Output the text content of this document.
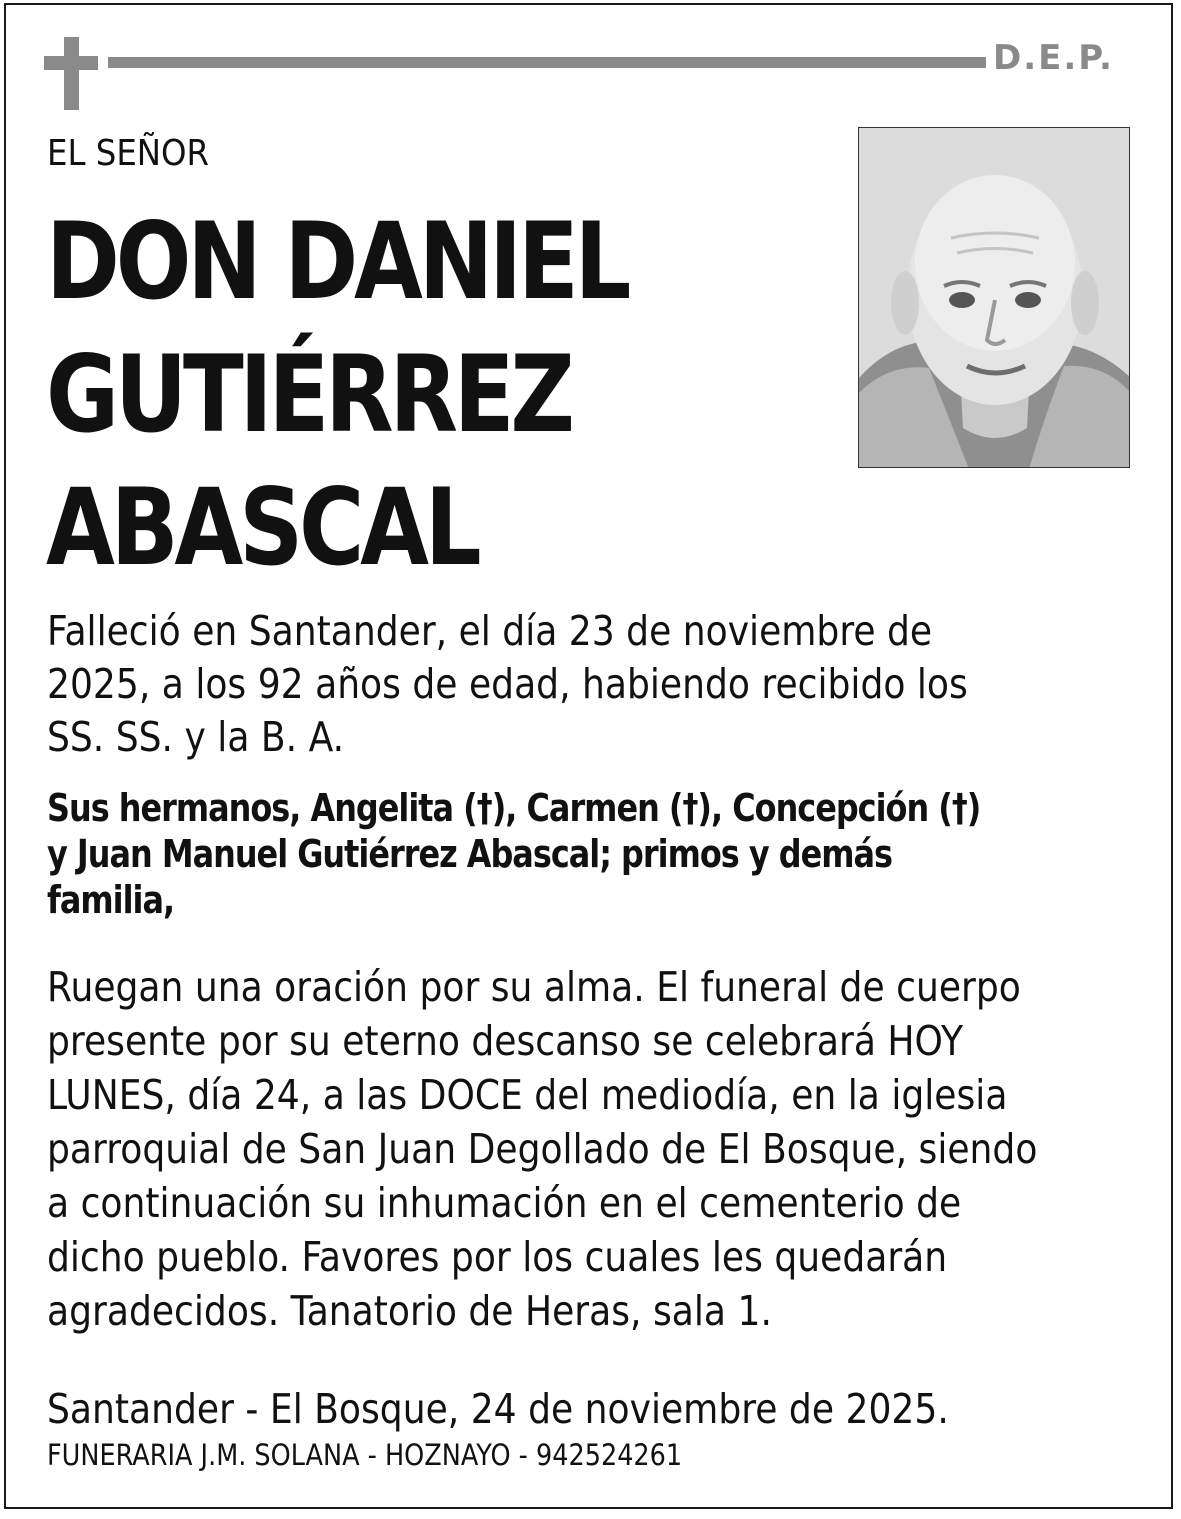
D.E.P.
EL SEÑOR
DON DANIEL
GUTIÉRREZ
ABASCAL
Falleció en Santander, el día 23 de noviembre de
2025, a los 92 años de edad, habiendo recibido los
SS. SS. y la B. A.
Sus hermanos, Angelita (†), Carmen (†), Concepción (†)
y Juan Manuel Gutiérrez Abascal; primos y demás
familia,
Ruegan una oración por su alma. El funeral de cuerpo
presente por su eterno descanso se celebrará HOY
LUNES, día 24, a las DOCE del mediodía, en la iglesia
parroquial de San Juan Degollado de El Bosque, siendo
a continuación su inhumación en el cementerio de
dicho pueblo. Favores por los cuales les quedarán
agradecidos. Tanatorio de Heras, sala 1.
Santander - El Bosque, 24 de noviembre de 2025.
FUNERARIA J.M. SOLANA - HOZNAYO - 942524261
